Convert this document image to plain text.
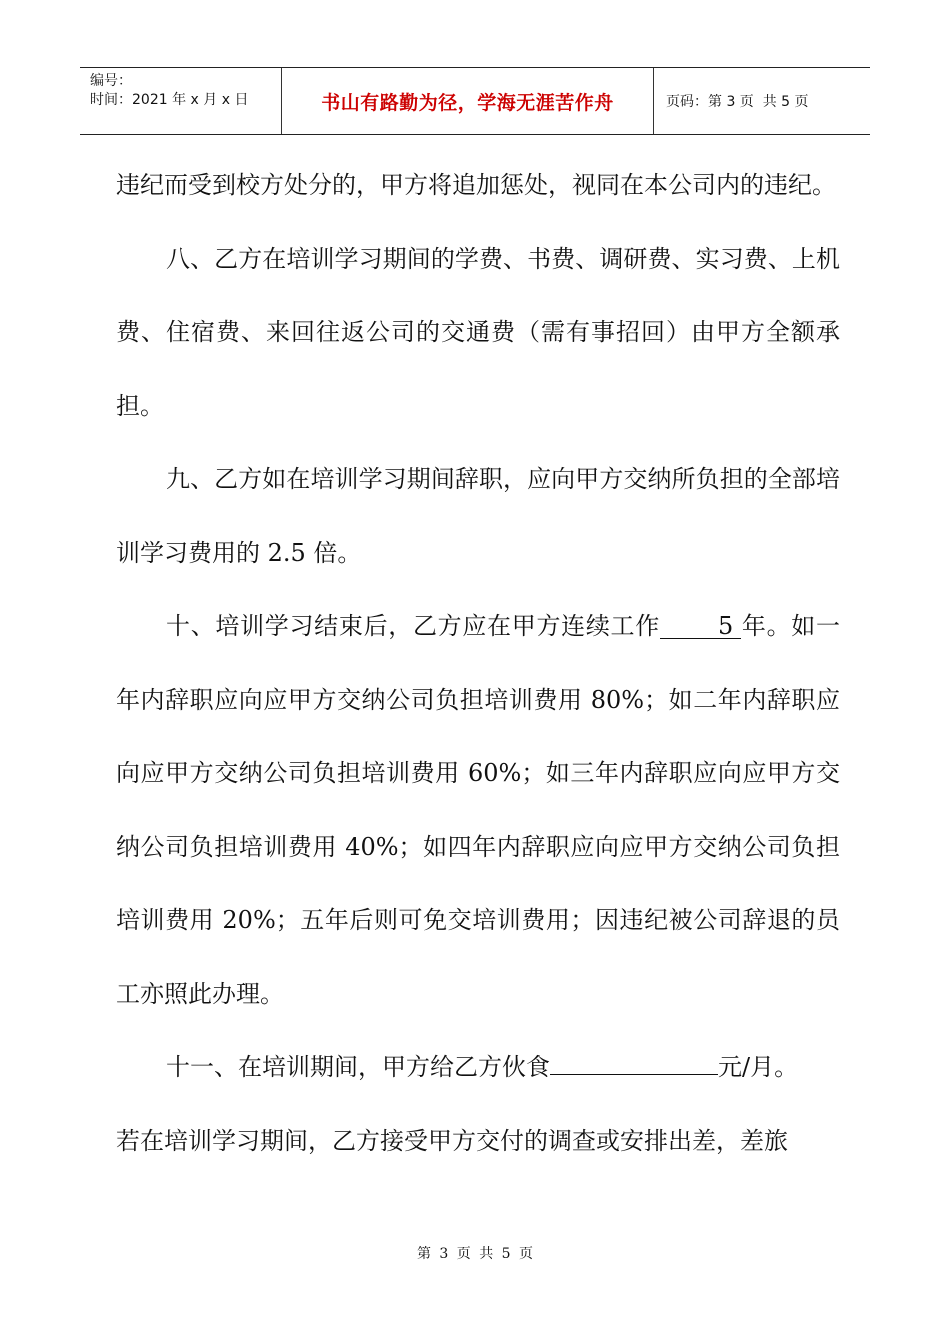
编号：
时间：2021 年 x 月 x 日	书山有路勤为径，学海无涯苦作舟	页码：第 3 页  共 5 页

违纪而受到校方处分的，甲方将追加惩处，视同在本公司内的违纪。

八、乙方在培训学习期间的学费、书费、调研费、实习费、上机费、住宿费、来回往返公司的交通费（需有事招回）由甲方全额承担。

九、乙方如在培训学习期间辞职，应向甲方交纳所负担的全部培训学习费用的 2.5 倍。

十、培训学习结束后，乙方应在甲方连续工作 5 年。如一年内辞职应向应甲方交纳公司负担培训费用 80%；如二年内辞职应向应甲方交纳公司负担培训费用 60%；如三年内辞职应向应甲方交纳公司负担培训费用 40%；如四年内辞职应向应甲方交纳公司负担培训费用 20%；五年后则可免交培训费用；因违纪被公司辞退的员工亦照此办理。

十一、在培训期间，甲方给乙方伙食	元/月。

若在培训学习期间，乙方接受甲方交付的调查或安排出差，差旅

第 3 页 共 5 页
